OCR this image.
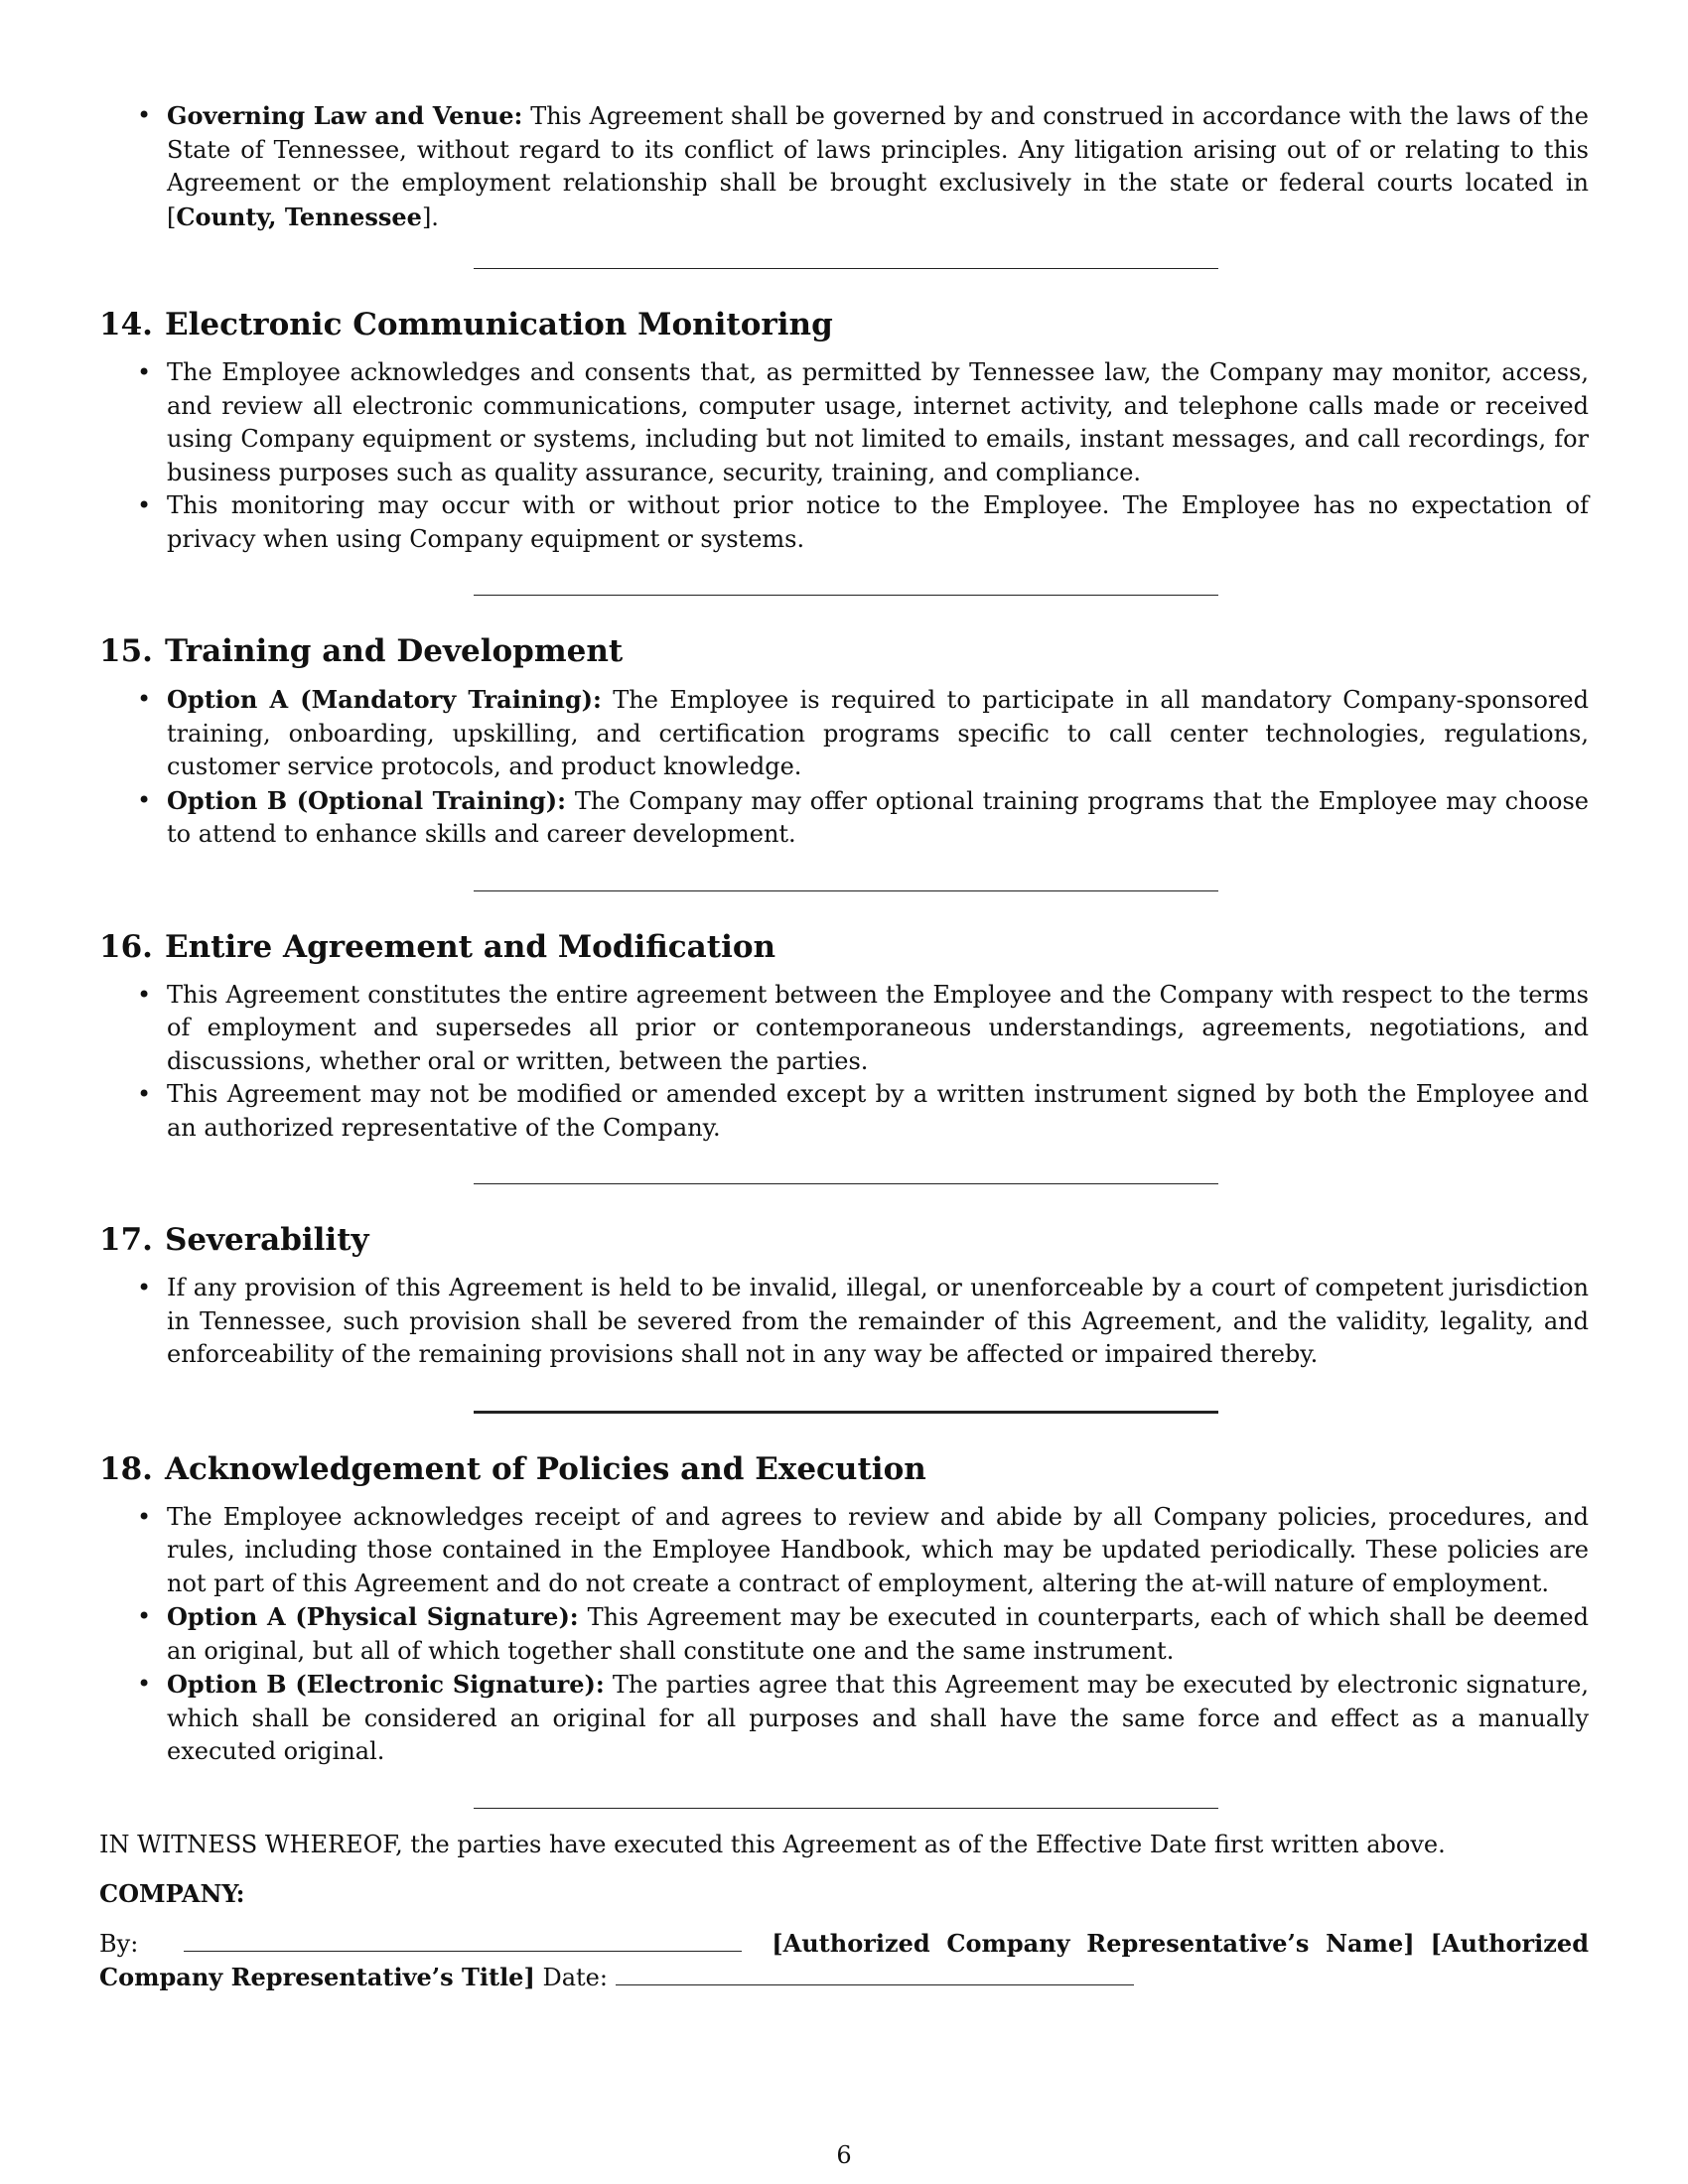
• Governing Law and Venue: This Agreement shall be governed by and construed in accordance with the laws of the State of Tennessee, without regard to its conflict of laws principles. Any litigation arising out of or relating to this Agreement or the employment relationship shall be brought exclusively in the state or federal courts located in [County, Tennessee].
14. Electronic Communication Monitoring
• The Employee acknowledges and consents that, as permitted by Tennessee law, the Company may monitor, access, and review all electronic communications, computer usage, internet activity, and telephone calls made or received using Company equipment or systems, including but not limited to emails, instant messages, and call recordings, for business purposes such as quality assurance, security, training, and compliance.
• This monitoring may occur with or without prior notice to the Employee. The Employee has no expectation of privacy when using Company equipment or systems.
15. Training and Development
• Option A (Mandatory Training): The Employee is required to participate in all mandatory Company-sponsored training, onboarding, upskilling, and certification programs specific to call center technologies, regulations, customer service protocols, and product knowledge.
• Option B (Optional Training): The Company may offer optional training programs that the Employee may choose to attend to enhance skills and career development.
16. Entire Agreement and Modification
• This Agreement constitutes the entire agreement between the Employee and the Company with respect to the terms of employment and supersedes all prior or contemporaneous understandings, agreements, negotiations, and discussions, whether oral or written, between the parties.
• This Agreement may not be modified or amended except by a written instrument signed by both the Employee and an authorized representative of the Company.
17. Severability
• If any provision of this Agreement is held to be invalid, illegal, or unenforceable by a court of competent jurisdiction in Tennessee, such provision shall be severed from the remainder of this Agreement, and the validity, legality, and enforceability of the remaining provisions shall not in any way be affected or impaired thereby.
18. Acknowledgement of Policies and Execution
• The Employee acknowledges receipt of and agrees to review and abide by all Company policies, procedures, and rules, including those contained in the Employee Handbook, which may be updated periodically. These policies are not part of this Agreement and do not create a contract of employment, altering the at-will nature of employment.
• Option A (Physical Signature): This Agreement may be executed in counterparts, each of which shall be deemed an original, but all of which together shall constitute one and the same instrument.
• Option B (Electronic Signature): The parties agree that this Agreement may be executed by electronic signature, which shall be considered an original for all purposes and shall have the same force and effect as a manually executed original.

IN WITNESS WHEREOF, the parties have executed this Agreement as of the Effective Date first written above.

COMPANY:

By:	[Authorized Company Representative’s Name] [Authorized Company Representative’s Title] Date:
6
